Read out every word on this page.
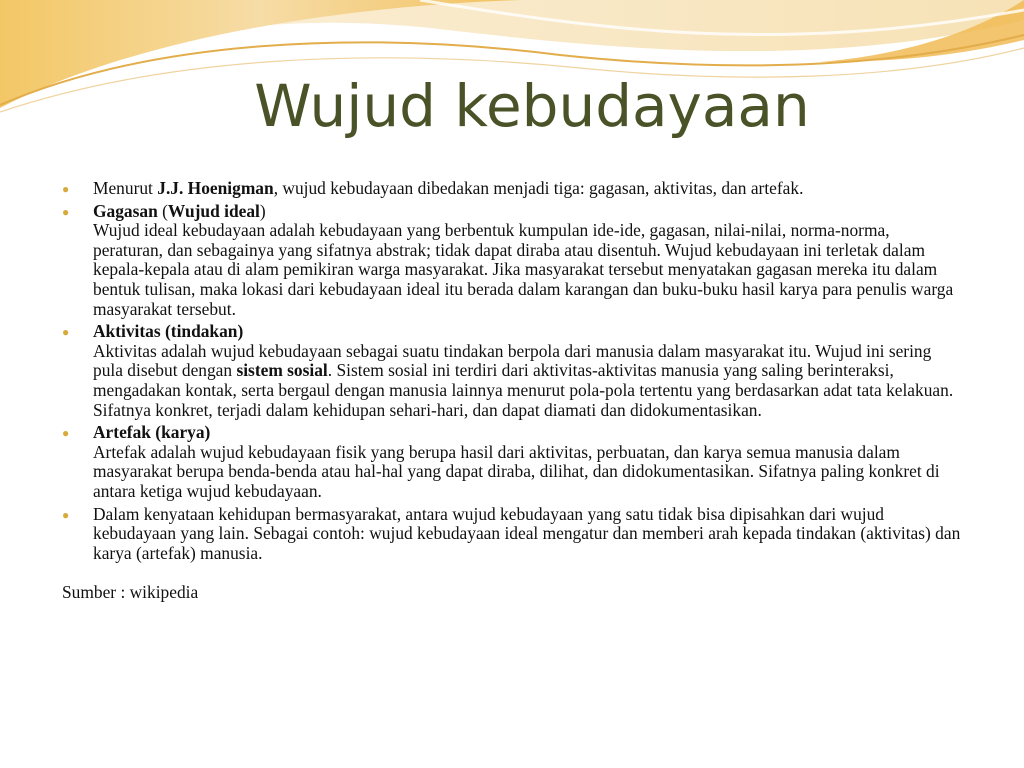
Wujud kebudayaan
● Menurut J.J. Hoenigman, wujud kebudayaan dibedakan menjadi tiga: gagasan, aktivitas, dan artefak.
● Gagasan (Wujud ideal)
Wujud ideal kebudayaan adalah kebudayaan yang berbentuk kumpulan ide-ide, gagasan, nilai-nilai, norma-norma, peraturan, dan sebagainya yang sifatnya abstrak; tidak dapat diraba atau disentuh. Wujud kebudayaan ini terletak dalam kepala-kepala atau di alam pemikiran warga masyarakat. Jika masyarakat tersebut menyatakan gagasan mereka itu dalam bentuk tulisan, maka lokasi dari kebudayaan ideal itu berada dalam karangan dan buku-buku hasil karya para penulis warga masyarakat tersebut.
● Aktivitas (tindakan)
Aktivitas adalah wujud kebudayaan sebagai suatu tindakan berpola dari manusia dalam masyarakat itu. Wujud ini sering pula disebut dengan sistem sosial. Sistem sosial ini terdiri dari aktivitas-aktivitas manusia yang saling berinteraksi, mengadakan kontak, serta bergaul dengan manusia lainnya menurut pola-pola tertentu yang berdasarkan adat tata kelakuan. Sifatnya konkret, terjadi dalam kehidupan sehari-hari, dan dapat diamati dan didokumentasikan.
● Artefak (karya)
Artefak adalah wujud kebudayaan fisik yang berupa hasil dari aktivitas, perbuatan, dan karya semua manusia dalam masyarakat berupa benda-benda atau hal-hal yang dapat diraba, dilihat, dan didokumentasikan. Sifatnya paling konkret di antara ketiga wujud kebudayaan.
● Dalam kenyataan kehidupan bermasyarakat, antara wujud kebudayaan yang satu tidak bisa dipisahkan dari wujud kebudayaan yang lain. Sebagai contoh: wujud kebudayaan ideal mengatur dan memberi arah kepada tindakan (aktivitas) dan karya (artefak) manusia.
Sumber : wikipedia
